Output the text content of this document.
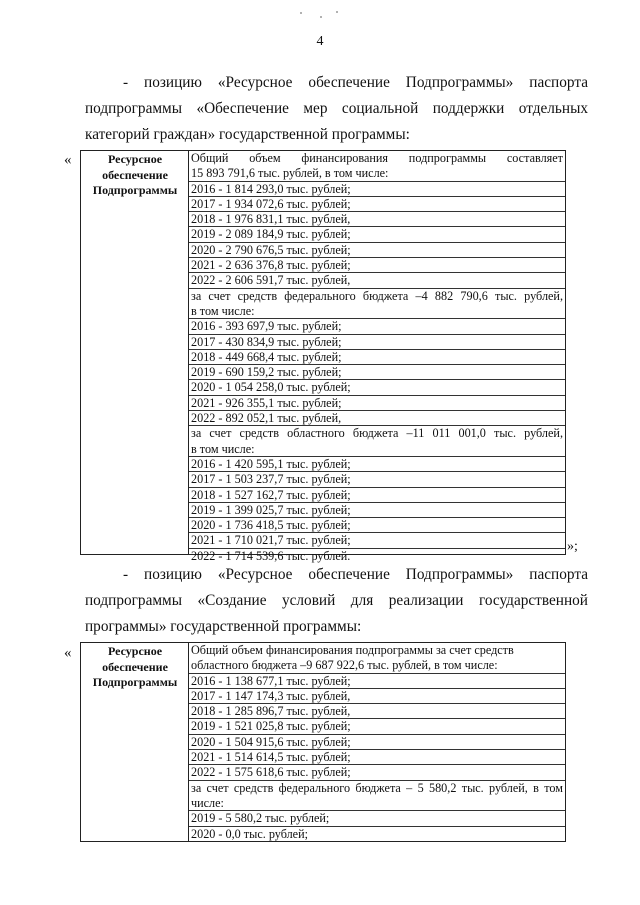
4
- позицию «Ресурсное обеспечение Подпрограммы» паспорта
подпрограммы «Обеспечение мер социальной поддержки отдельных
категорий граждан» государственной программы:
«	Ресурсное обеспечение Подпрограммы
Общий объем финансирования подпрограммы составляет
15 893 791,6 тыс. рублей, в том числе:
2016 - 1 814 293,0 тыс. рублей;
2017 - 1 934 072,6 тыс. рублей;
2018 - 1 976 831,1 тыс. рублей,
2019 - 2 089 184,9 тыс. рублей;
2020 - 2 790 676,5 тыс. рублей;
2021 - 2 636 376,8 тыс. рублей;
2022 - 2 606 591,7 тыс. рублей,
за счет средств федерального бюджета –4 882 790,6 тыс. рублей,
в том числе:
2016 - 393 697,9 тыс. рублей;
2017 - 430 834,9 тыс. рублей;
2018 - 449 668,4 тыс. рублей;
2019 - 690 159,2 тыс. рублей;
2020 - 1 054 258,0 тыс. рублей;
2021 - 926 355,1 тыс. рублей;
2022 - 892 052,1 тыс. рублей,
за счет средств областного бюджета –11 011 001,0 тыс. рублей,
в том числе:
2016 - 1 420 595,1 тыс. рублей;
2017 - 1 503 237,7 тыс. рублей;
2018 - 1 527 162,7 тыс. рублей;
2019 - 1 399 025,7 тыс. рублей;
2020 - 1 736 418,5 тыс. рублей;
2021 - 1 710 021,7 тыс. рублей;
2022 - 1 714 539,6 тыс. рублей.
»;
- позицию «Ресурсное обеспечение Подпрограммы» паспорта
подпрограммы «Создание условий для реализации государственной
программы» государственной программы:
«	Ресурсное обеспечение Подпрограммы
Общий объем финансирования подпрограммы за счет средств
областного бюджета –9 687 922,6 тыс. рублей, в том числе:
2016 - 1 138 677,1 тыс. рублей;
2017 - 1 147 174,3 тыс. рублей,
2018 - 1 285 896,7 тыс. рублей,
2019 - 1 521 025,8 тыс. рублей;
2020 - 1 504 915,6 тыс. рублей;
2021 - 1 514 614,5 тыс. рублей;
2022 - 1 575 618,6 тыс. рублей;
за счет средств федерального бюджета – 5 580,2 тыс. рублей, в том
числе:
2019 - 5 580,2 тыс. рублей;
2020 - 0,0 тыс. рублей;
